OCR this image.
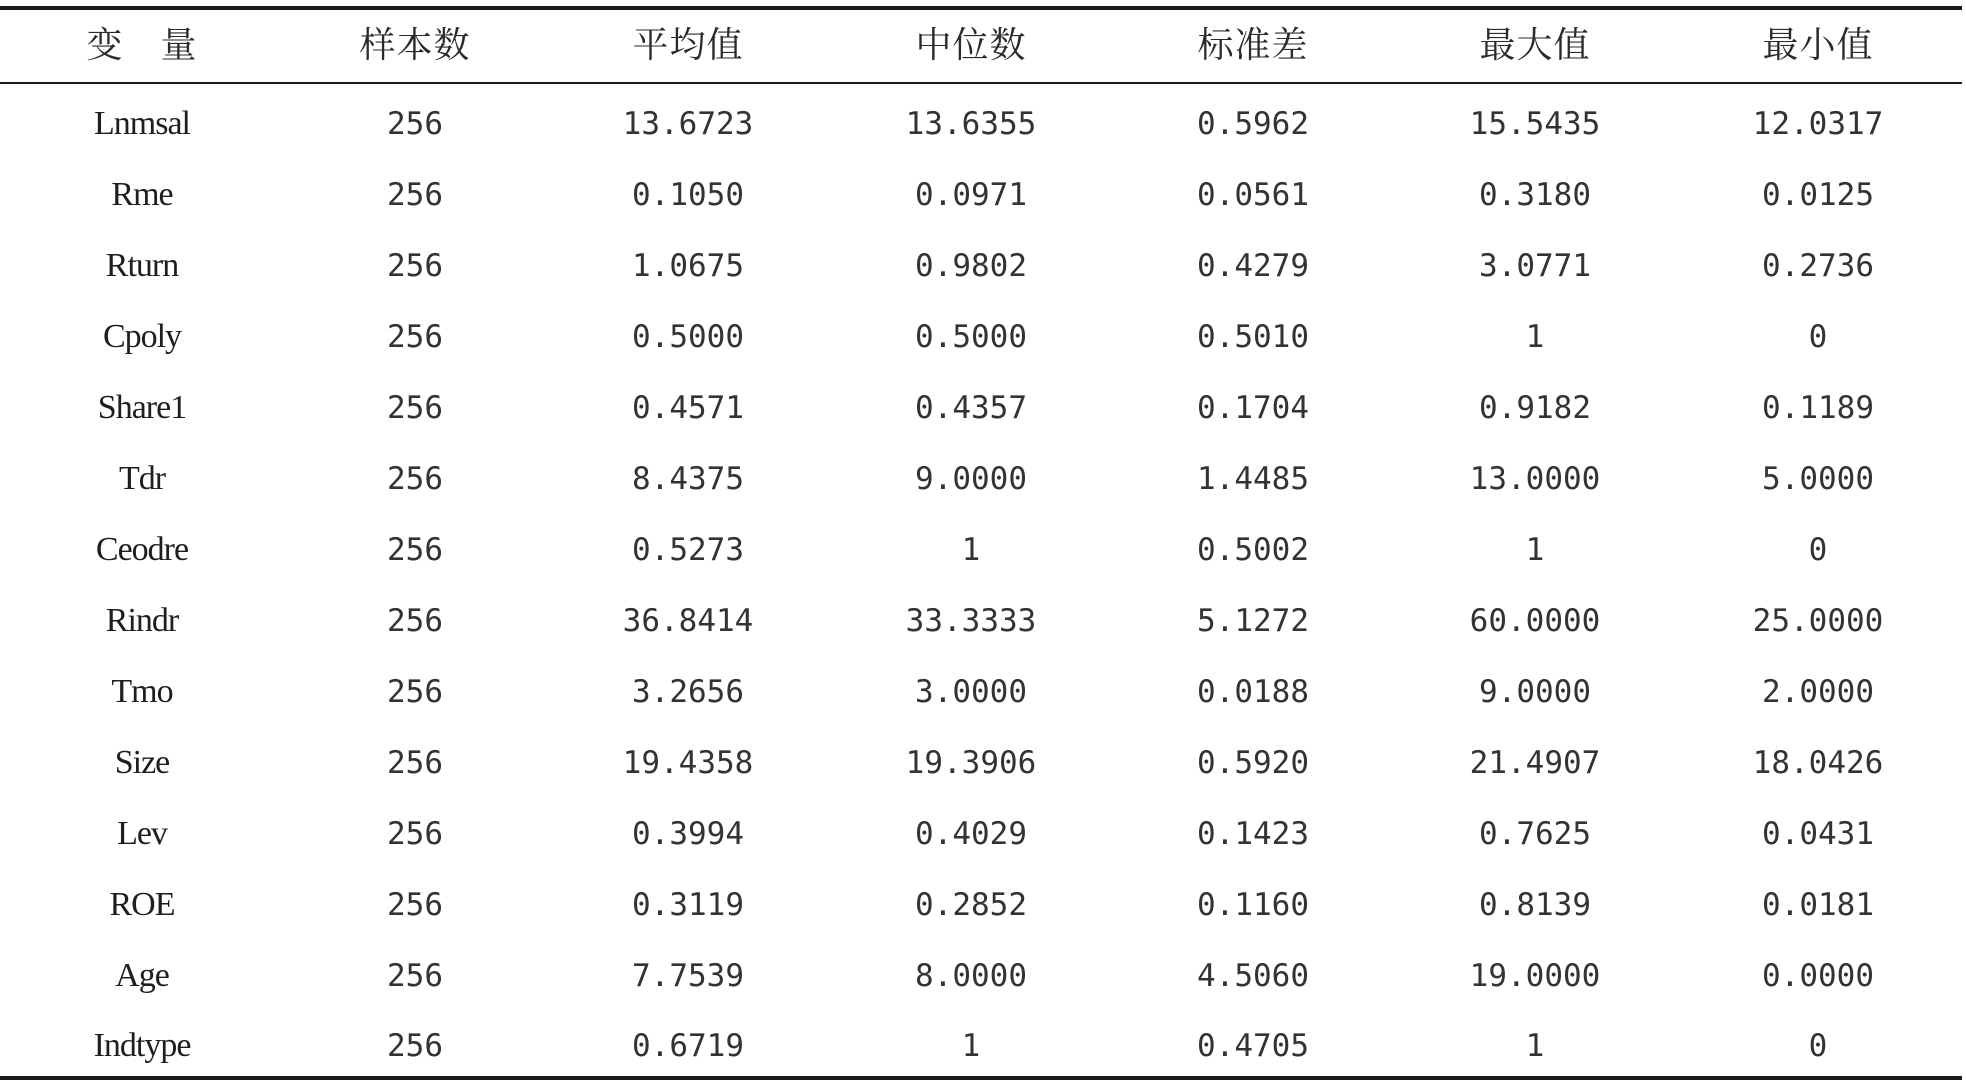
变　量	样本数	平均值	中位数	标准差	最大值	最小值
Lnmsal	256	13.6723	13.6355	0.5962	15.5435	12.0317
Rme	256	0.1050	0.0971	0.0561	0.3180	0.0125
Rturn	256	1.0675	0.9802	0.4279	3.0771	0.2736
Cpoly	256	0.5000	0.5000	0.5010	1	0
Share1	256	0.4571	0.4357	0.1704	0.9182	0.1189
Tdr	256	8.4375	9.0000	1.4485	13.0000	5.0000
Ceodre	256	0.5273	1	0.5002	1	0
Rindr	256	36.8414	33.3333	5.1272	60.0000	25.0000
Tmo	256	3.2656	3.0000	0.0188	9.0000	2.0000
Size	256	19.4358	19.3906	0.5920	21.4907	18.0426
Lev	256	0.3994	0.4029	0.1423	0.7625	0.0431
ROE	256	0.3119	0.2852	0.1160	0.8139	0.0181
Age	256	7.7539	8.0000	4.5060	19.0000	0.0000
Indtype	256	0.6719	1	0.4705	1	0
